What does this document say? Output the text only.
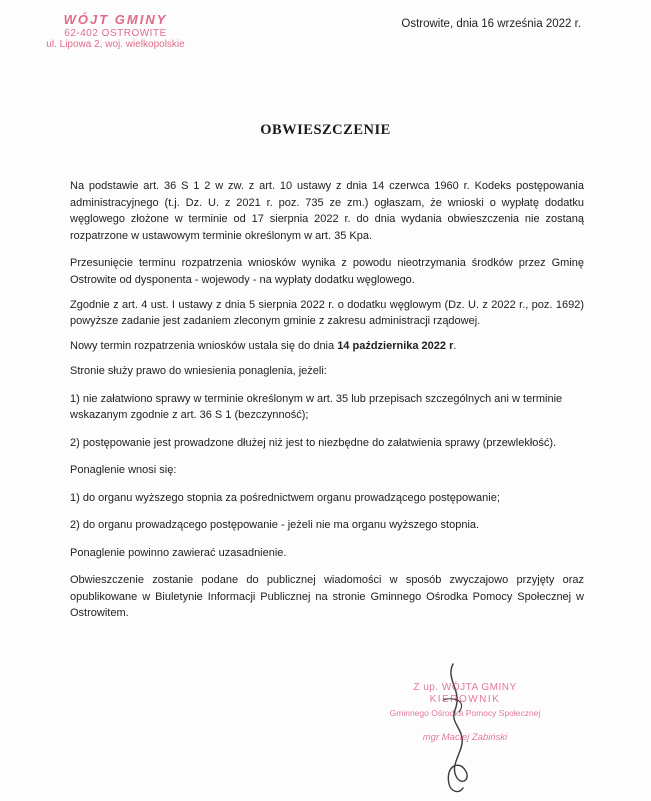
WÓJT GMINY
62-402 OSTROWITE
ul. Lipowa 2, woj. wielkopolskie
Ostrowite, dnia 16 września 2022 r.
OBWIESZCZENIE

Na podstawie art. 36 S 1 2 w zw. z art. 10 ustawy z dnia 14 czerwca 1960 r. Kodeks postępowania administracyjnego (t.j. Dz. U. z 2021 r. poz. 735 ze zm.) ogłaszam, że wnioski o wypłatę dodatku węglowego złożone w terminie od 17 sierpnia 2022 r. do dnia wydania obwieszczenia nie zostaną rozpatrzone w ustawowym terminie określonym w art. 35 Kpa.

Przesunięcie terminu rozpatrzenia wniosków wynika z powodu nieotrzymania środków przez Gminę Ostrowite od dysponenta - wojewody - na wypłaty dodatku węglowego.

Zgodnie z art. 4 ust. I ustawy z dnia 5 sierpnia 2022 r. o dodatku węglowym (Dz. U. z 2022 r., poz. 1692) powyższe zadanie jest zadaniem zleconym gminie z zakresu administracji rządowej.

Nowy termin rozpatrzenia wniosków ustala się do dnia 14 października 2022 r.

Stronie służy prawo do wniesienia ponaglenia, jeżeli:

1) nie załatwiono sprawy w terminie określonym w art. 35 lub przepisach szczególnych ani w terminie wskazanym zgodnie z art. 36 S 1 (bezczynność);

2) postępowanie jest prowadzone dłużej niż jest to niezbędne do załatwienia sprawy (przewlekłość).

Ponaglenie wnosi się:

1) do organu wyższego stopnia za pośrednictwem organu prowadzącego postępowanie;

2) do organu prowadzącego postępowanie - jeżeli nie ma organu wyższego stopnia.

Ponaglenie powinno zawierać uzasadnienie.

Obwieszczenie zostanie podane do publicznej wiadomości w sposób zwyczajowo przyjęty oraz opublikowane w Biuletynie Informacji Publicznej na stronie Gminnego Ośrodka Pomocy Społecznej w Ostrowitem.

Z up. WÓJTA GMINY
KIEROWNIK
Gminnego Ośrodka Pomocy Społecznej
mgr Maciej Zabiński
